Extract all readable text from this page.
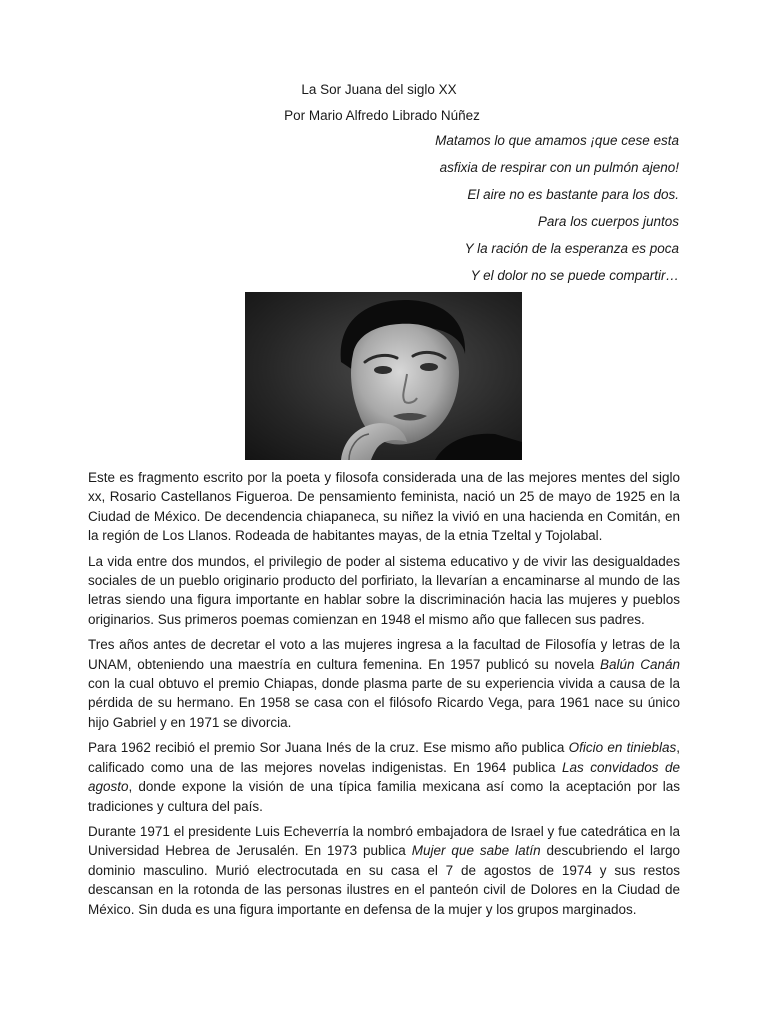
La Sor Juana del siglo XX
Por Mario Alfredo Librado Núñez
Matamos lo que amamos ¡que cese esta
asfixia de respirar con un pulmón ajeno!
El aire no es bastante para los dos.
Para los cuerpos juntos
Y la ración de la esperanza es poca
Y el dolor no se puede compartir…

Este es fragmento escrito por la poeta y filosofa considerada una de las mejores mentes del siglo xx, Rosario Castellanos Figueroa. De pensamiento feminista, nació un 25 de mayo de 1925 en la Ciudad de México. De decendencia chiapaneca, su niñez la vivió en una hacienda en Comitán, en la región de Los Llanos. Rodeada de habitantes mayas, de la etnia Tzeltal y Tojolabal.

La vida entre dos mundos, el privilegio de poder al sistema educativo y de vivir las desigualdades sociales de un pueblo originario producto del porfiriato, la llevarían a encaminarse al mundo de las letras siendo una figura importante en hablar sobre la discriminación hacia las mujeres y pueblos originarios. Sus primeros poemas comienzan en 1948 el mismo año que fallecen sus padres.

Tres años antes de decretar el voto a las mujeres ingresa a la facultad de Filosofía y letras de la UNAM, obteniendo una maestría en cultura femenina. En 1957 publicó su novela Balún Canán con la cual obtuvo el premio Chiapas, donde plasma parte de su experiencia vivida a causa de la pérdida de su hermano. En 1958 se casa con el filósofo Ricardo Vega, para 1961 nace su único hijo Gabriel y en 1971 se divorcia.

Para 1962 recibió el premio Sor Juana Inés de la cruz. Ese mismo año publica Oficio en tinieblas, calificado como una de las mejores novelas indigenistas. En 1964 publica Las convidados de agosto, donde expone la visión de una típica familia mexicana así como la aceptación por las tradiciones y cultura del país.

Durante 1971 el presidente Luis Echeverría la nombró embajadora de Israel y fue catedrática en la Universidad Hebrea de Jerusalén. En 1973 publica Mujer que sabe latín descubriendo el largo dominio masculino. Murió electrocutada en su casa el 7 de agostos de 1974 y sus restos descansan en la rotonda de las personas ilustres en el panteón civil de Dolores en la Ciudad de México. Sin duda es una figura importante en defensa de la mujer y los grupos marginados.
